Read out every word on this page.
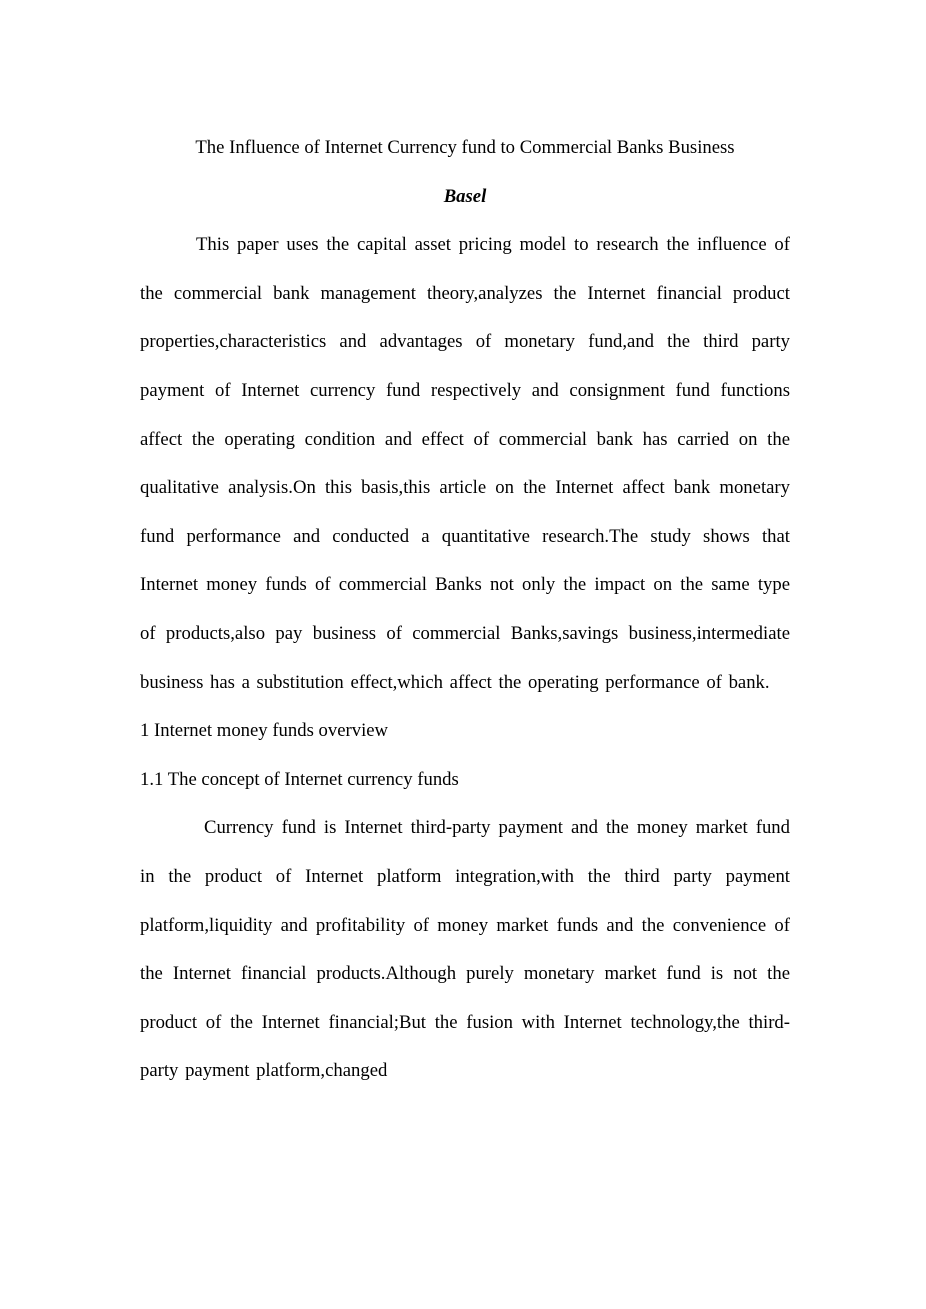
The Influence of Internet Currency fund to Commercial Banks Business
Basel

This paper uses the capital asset pricing model to research the influence of the commercial bank management theory,analyzes the Internet financial product properties,characteristics and advantages of monetary fund,and the third party payment of Internet currency fund respectively and consignment fund functions affect the operating condition and effect of commercial bank has carried on the qualitative analysis.On this basis,this article on the Internet affect bank monetary fund performance and conducted a quantitative research.The study shows that Internet money funds of commercial Banks not only the impact on the same type of products,also pay business of commercial Banks,savings business,intermediate business has a substitution effect,which affect the operating performance of bank.

1 Internet money funds overview
1.1 The concept of Internet currency funds

Currency fund is Internet third-party payment and the money market fund in the product of Internet platform integration,with the third party payment platform,liquidity and profitability of money market funds and the convenience of the Internet financial products.Although purely monetary market fund is not the product of the Internet financial;But the fusion with Internet technology,the third-party payment platform,changed
